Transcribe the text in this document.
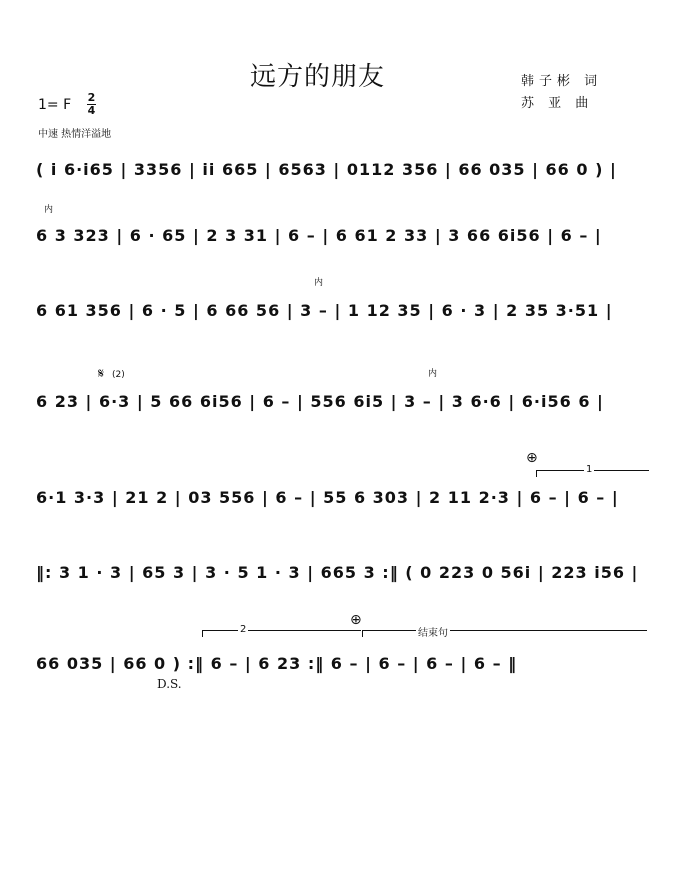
远方的朋友	韩子彬 词
苏 亚 曲
1= F 2
4
中速 热情洋溢地
( i 6·i65 | 3356 | ii 665 | 6563 | 0112 356 | 66 035 | 66 0 ) |
内
6 3 323 | 6 · 65 | 2 3 31 | 6 – | 6 61 2 33 | 3 66 6i56 | 6 – |
内
6 61 356 | 6 · 5 | 6 66 56 | 3 – | 1 12 35 | 6 · 3 | 2 35 3·51 |
𝄋 (2)	内
6 23 | 6·3 | 5 66 6i56 | 6 – | 556 6i5 | 3 – | 3 6·6 | 6·i56 6 |
⊕
1
6·1 3·3 | 21 2 | 03 556 | 6 – | 55 6 303 | 2 11 2·3 | 6 – | 6 – |
‖: 3 1 · 3 | 65 3 | 3 · 5 1 · 3 | 665 3 :‖ ( 0 223 0 56i | 223 i56 |
2
⊕
结束句
66 035 | 66 0 ) :‖ 6 – | 6 23 :‖ 6 – | 6 – | 6 – | 6 – ‖
D.S.
